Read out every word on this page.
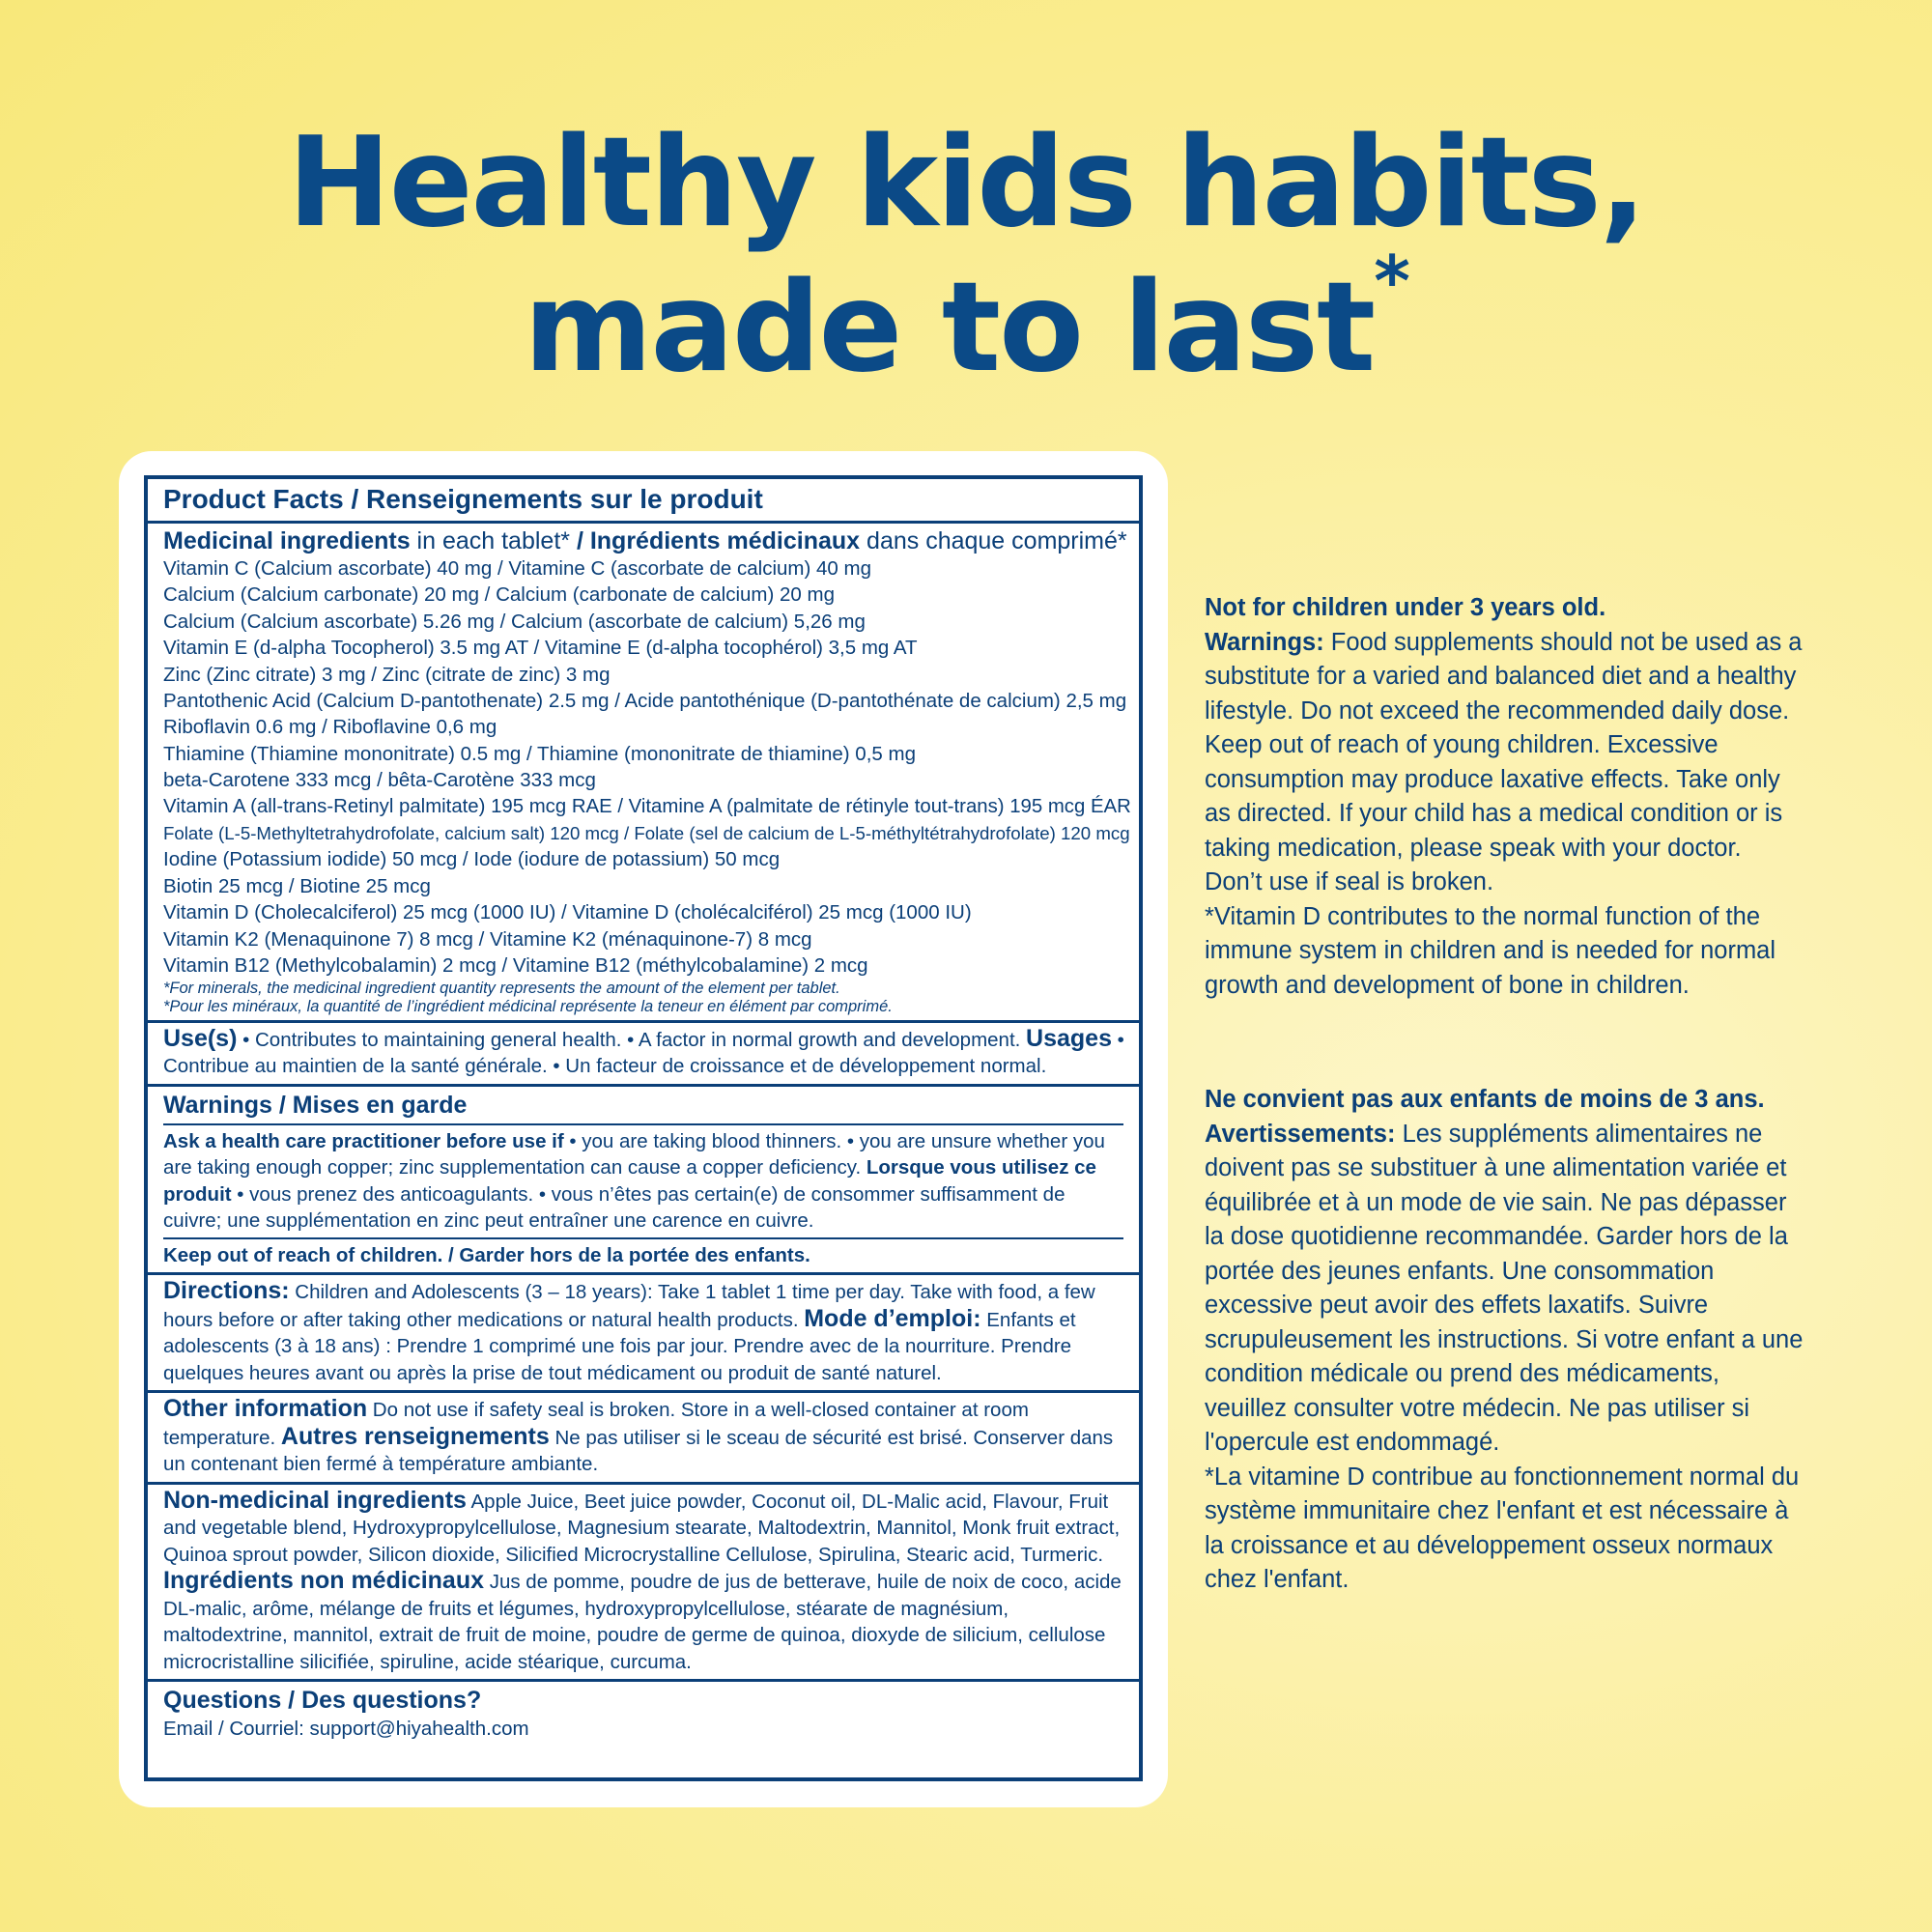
Healthy kids habits,
made to last*
Product Facts / Renseignements sur le produit
Medicinal ingredients in each tablet* / Ingrédients médicinaux dans chaque comprimé*
Vitamin C (Calcium ascorbate) 40 mg / Vitamine C (ascorbate de calcium) 40 mg
Calcium (Calcium carbonate) 20 mg / Calcium (carbonate de calcium) 20 mg
Calcium (Calcium ascorbate) 5.26 mg / Calcium (ascorbate de calcium) 5,26 mg
Vitamin E (d-alpha Tocopherol) 3.5 mg AT / Vitamine E (d-alpha tocophérol) 3,5 mg AT
Zinc (Zinc citrate) 3 mg / Zinc (citrate de zinc) 3 mg
Pantothenic Acid (Calcium D-pantothenate) 2.5 mg / Acide pantothénique (D-pantothénate de calcium) 2,5 mg
Riboflavin 0.6 mg / Riboflavine 0,6 mg
Thiamine (Thiamine mononitrate) 0.5 mg / Thiamine (mononitrate de thiamine) 0,5 mg
beta-Carotene 333 mcg / bêta-Carotène 333 mcg
Vitamin A (all-trans-Retinyl palmitate) 195 mcg RAE / Vitamine A (palmitate de rétinyle tout-trans) 195 mcg ÉAR
Folate (L-5-Methyltetrahydrofolate, calcium salt) 120 mcg / Folate (sel de calcium de L-5-méthyltétrahydrofolate) 120 mcg
Iodine (Potassium iodide) 50 mcg / Iode (iodure de potassium) 50 mcg
Biotin 25 mcg / Biotine 25 mcg
Vitamin D (Cholecalciferol) 25 mcg (1000 IU) / Vitamine D (cholécalciférol) 25 mcg (1000 IU)
Vitamin K2 (Menaquinone 7) 8 mcg / Vitamine K2 (ménaquinone-7) 8 mcg
Vitamin B12 (Methylcobalamin) 2 mcg / Vitamine B12 (méthylcobalamine) 2 mcg
*For minerals, the medicinal ingredient quantity represents the amount of the element per tablet.
*Pour les minéraux, la quantité de l’ingrédient médicinal représente la teneur en élément par comprimé.
Use(s) • Contributes to maintaining general health. • A factor in normal growth and development. Usages • Contribue au maintien de la santé générale. • Un facteur de croissance et de développement normal.
Warnings / Mises en garde
Ask a health care practitioner before use if • you are taking blood thinners. • you are unsure whether you are taking enough copper; zinc supplementation can cause a copper deficiency. Lorsque vous utilisez ce produit • vous prenez des anticoagulants. • vous n’êtes pas certain(e) de consommer suffisamment de cuivre; une supplémentation en zinc peut entraîner une carence en cuivre.
Keep out of reach of children. / Garder hors de la portée des enfants.
Directions: Children and Adolescents (3 – 18 years): Take 1 tablet 1 time per day. Take with food, a few hours before or after taking other medications or natural health products. Mode d’emploi: Enfants et adolescents (3 à 18 ans) : Prendre 1 comprimé une fois par jour. Prendre avec de la nourriture. Prendre quelques heures avant ou après la prise de tout médicament ou produit de santé naturel.
Other information Do not use if safety seal is broken. Store in a well-closed container at room temperature. Autres renseignements Ne pas utiliser si le sceau de sécurité est brisé. Conserver dans un contenant bien fermé à température ambiante.
Non-medicinal ingredients Apple Juice, Beet juice powder, Coconut oil, DL-Malic acid, Flavour, Fruit and vegetable blend, Hydroxypropylcellulose, Magnesium stearate, Maltodextrin, Mannitol, Monk fruit extract, Quinoa sprout powder, Silicon dioxide, Silicified Microcrystalline Cellulose, Spirulina, Stearic acid, Turmeric. Ingrédients non médicinaux Jus de pomme, poudre de jus de betterave, huile de noix de coco, acide DL-malic, arôme, mélange de fruits et légumes, hydroxypropylcellulose, stéarate de magnésium, maltodextrine, mannitol, extrait de fruit de moine, poudre de germe de quinoa, dioxyde de silicium, cellulose microcristalline silicifiée, spiruline, acide stéarique, curcuma.
Questions / Des questions?
Email / Courriel: support@hiyahealth.com

Not for children under 3 years old.

Warnings: Food supplements should not be used as a substitute for a varied and balanced diet and a healthy lifestyle. Do not exceed the recommended daily dose. Keep out of reach of young children. Excessive consumption may produce laxative effects. Take only as directed. If your child has a medical condition or is taking medication, please speak with your doctor. Don’t use if seal is broken.

*Vitamin D contributes to the normal function of the immune system in children and is needed for normal growth and development of bone in children.

Ne convient pas aux enfants de moins de 3 ans.

Avertissements: Les suppléments alimentaires ne doivent pas se substituer à une alimentation variée et équilibrée et à un mode de vie sain. Ne pas dépasser la dose quotidienne recommandée. Garder hors de la portée des jeunes enfants. Une consommation excessive peut avoir des effets laxatifs. Suivre scrupuleusement les instructions. Si votre enfant a une condition médicale ou prend des médicaments, veuillez consulter votre médecin. Ne pas utiliser si l'opercule est endommagé.

*La vitamine D contribue au fonctionnement normal du système immunitaire chez l'enfant et est nécessaire à la croissance et au développement osseux normaux chez l'enfant.
